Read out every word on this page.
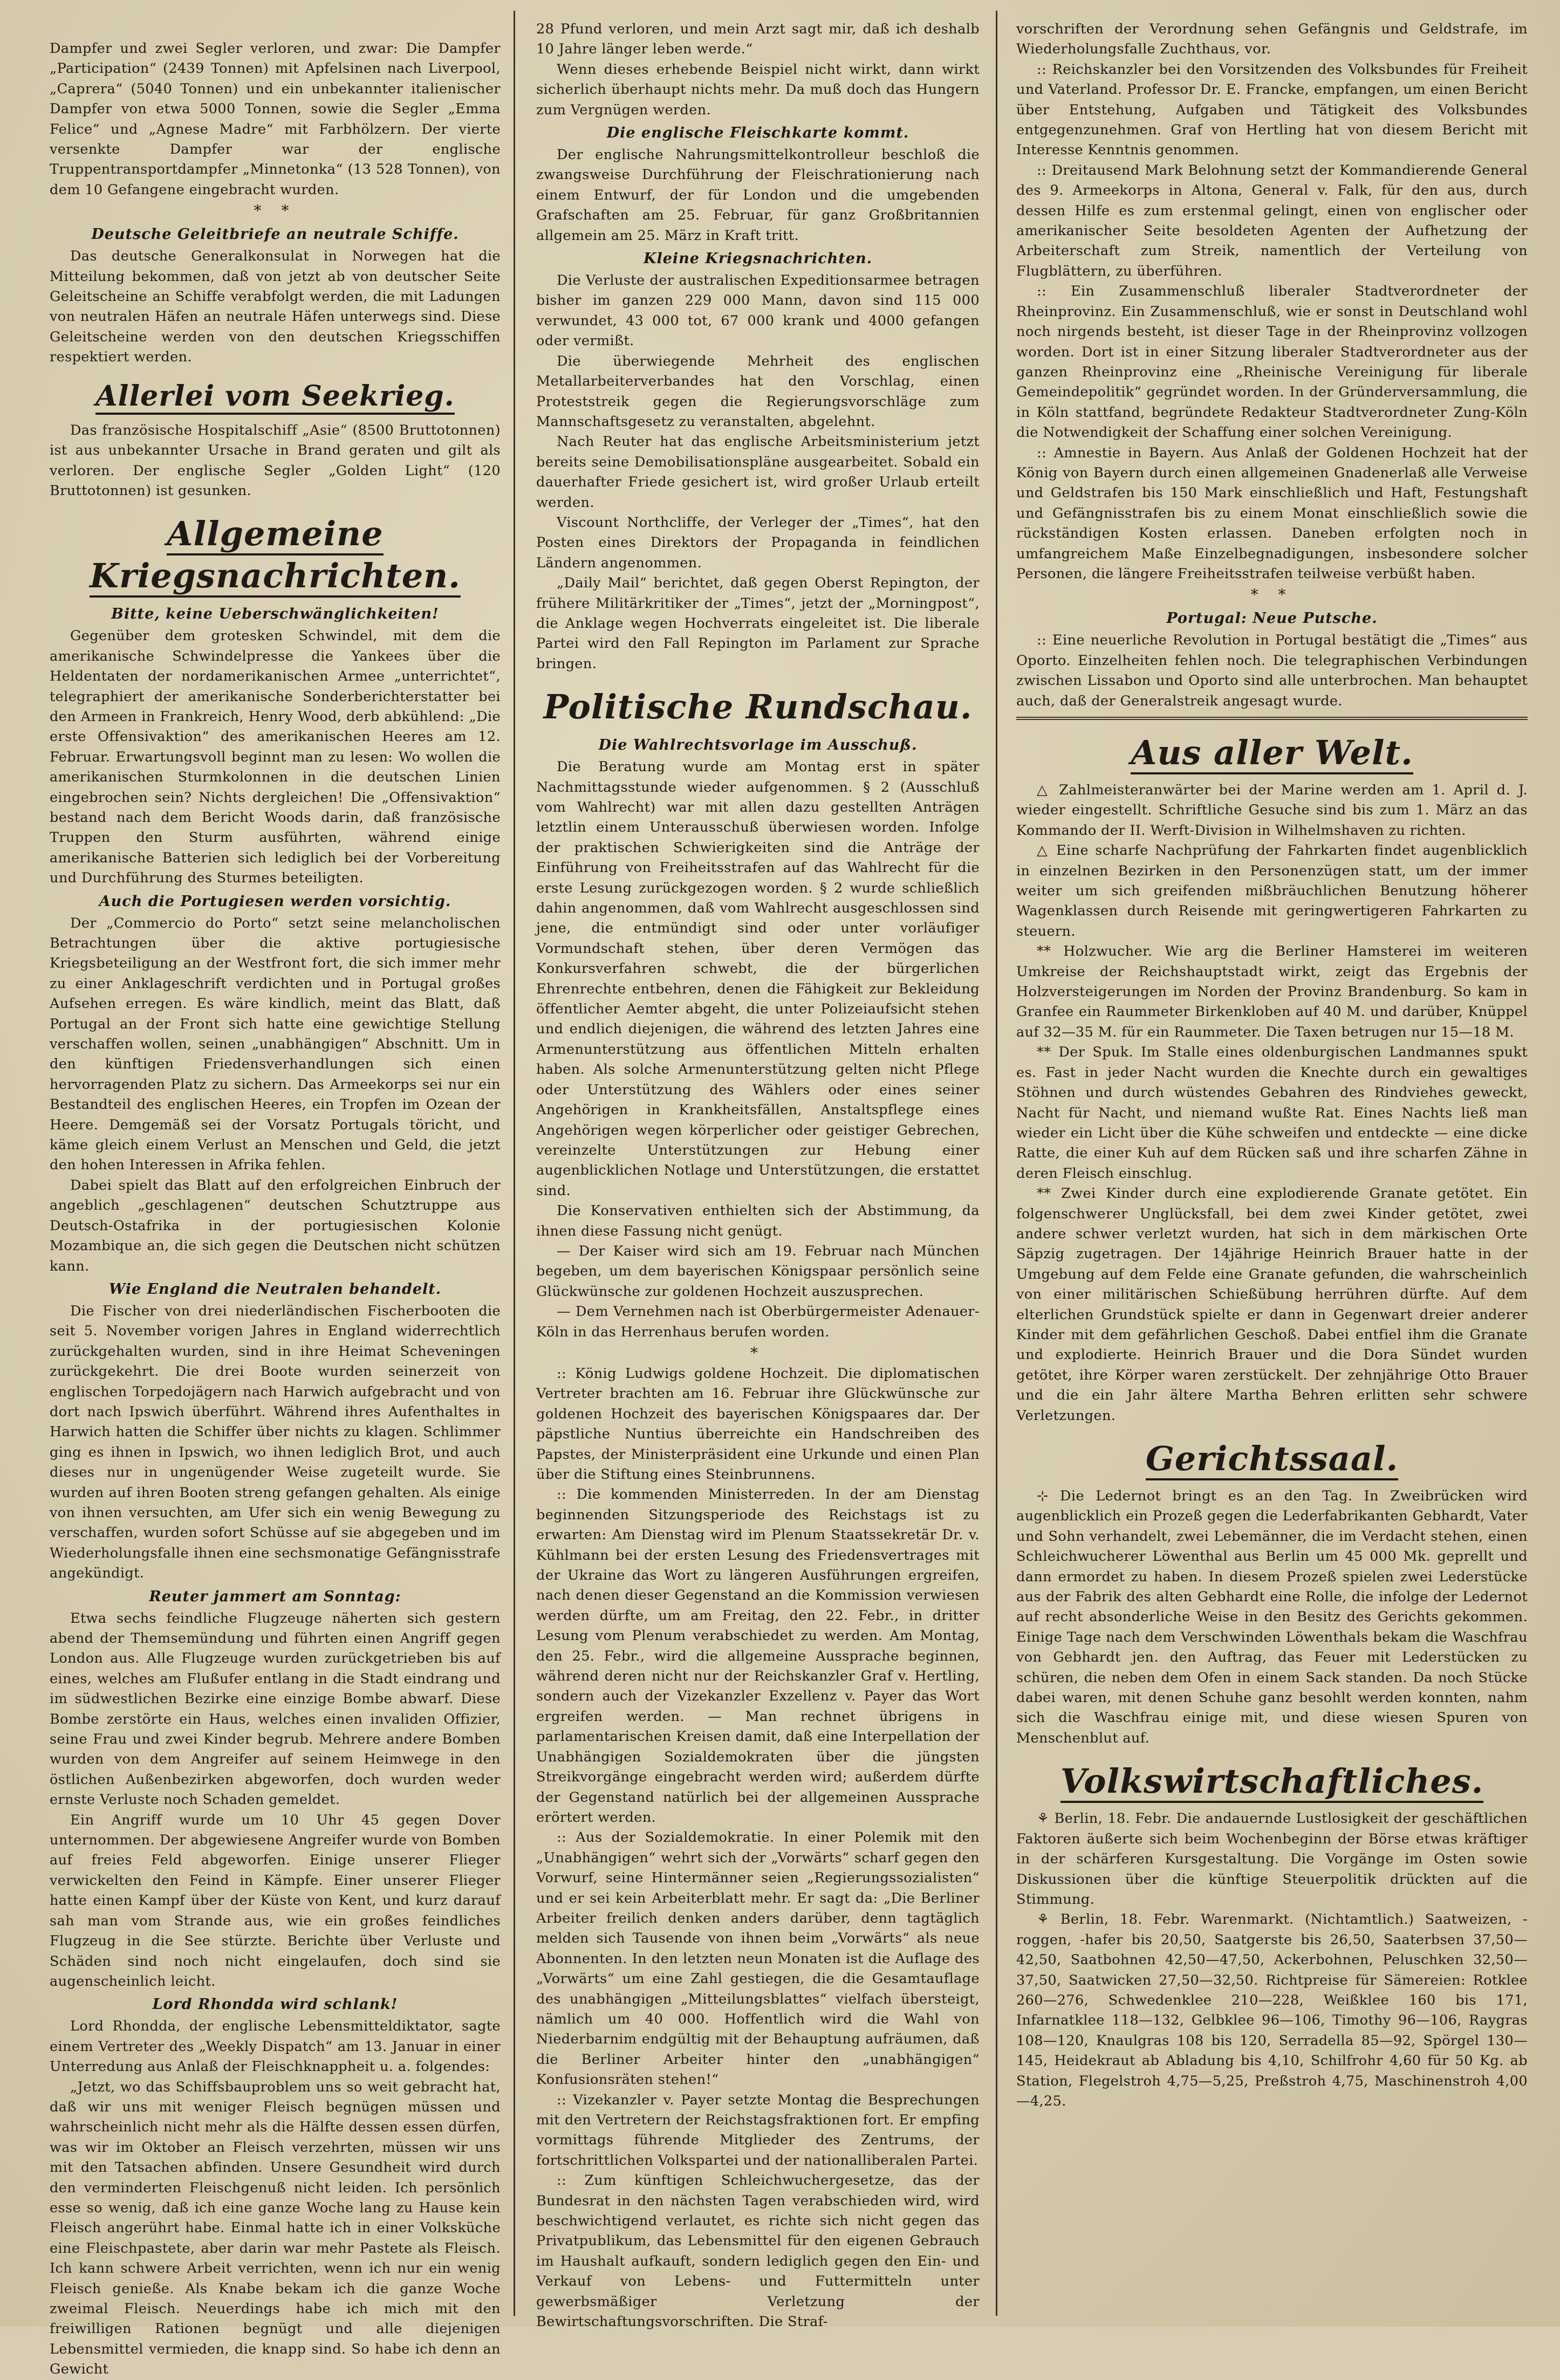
Dampfer und zwei Segler verloren, und zwar: Die Dampfer „Participation“ (2439 Tonnen) mit Apfelsinen nach Liverpool, „Caprera“ (5040 Tonnen) und ein unbekannter italienischer Dampfer von etwa 5000 Tonnen, sowie die Segler „Emma Felice“ und „Agnese Madre“ mit Farbhölzern. Der vierte versenkte Dampfer war der englische Truppentransportdampfer „Minnetonka“ (13 528 Tonnen), von dem 10 Gefangene eingebracht wurden.

* *
Deutsche Geleitbriefe an neutrale Schiffe.

Das deutsche Generalkonsulat in Norwegen hat die Mitteilung bekommen, daß von jetzt ab von deutscher Seite Geleitscheine an Schiffe verabfolgt werden, die mit Ladungen von neutralen Häfen an neutrale Häfen unterwegs sind. Diese Geleitscheine werden von den deutschen Kriegsschiffen respektiert werden.

Allerlei vom Seekrieg.

Das französische Hospitalschiff „Asie“ (8500 Bruttotonnen) ist aus unbekannter Ursache in Brand geraten und gilt als verloren. Der englische Segler „Golden Light“ (120 Bruttotonnen) ist gesunken.

Allgemeine Kriegsnachrichten.
Bitte, keine Ueberschwänglichkeiten!

Gegenüber dem grotesken Schwindel, mit dem die amerikanische Schwindelpresse die Yankees über die Heldentaten der nordamerikanischen Armee „unterrichtet“, telegraphiert der amerikanische Sonderberichterstatter bei den Armeen in Frankreich, Henry Wood, derb abkühlend: „Die erste Offensivaktion“ des amerikanischen Heeres am 12. Februar. Erwartungsvoll beginnt man zu lesen: Wo wollen die amerikanischen Sturmkolonnen in die deutschen Linien eingebrochen sein? Nichts dergleichen! Die „Offensivaktion“ bestand nach dem Bericht Woods darin, daß französische Truppen den Sturm ausführten, während einige amerikanische Batterien sich lediglich bei der Vorbereitung und Durchführung des Sturmes beteiligten.

Auch die Portugiesen werden vorsichtig.

Der „Commercio do Porto“ setzt seine melancholischen Betrachtungen über die aktive portugiesische Kriegsbeteiligung an der Westfront fort, die sich immer mehr zu einer Anklageschrift verdichten und in Portugal großes Aufsehen erregen. Es wäre kindlich, meint das Blatt, daß Portugal an der Front sich hatte eine gewichtige Stellung verschaffen wollen, seinen „unabhängigen“ Abschnitt. Um in den künftigen Friedensverhandlungen sich einen hervorragenden Platz zu sichern. Das Armeekorps sei nur ein Bestandteil des englischen Heeres, ein Tropfen im Ozean der Heere. Demgemäß sei der Vorsatz Portugals töricht, und käme gleich einem Verlust an Menschen und Geld, die jetzt den hohen Interessen in Afrika fehlen.

Dabei spielt das Blatt auf den erfolgreichen Einbruch der angeblich „geschlagenen“ deutschen Schutztruppe aus Deutsch-Ostafrika in der portugiesischen Kolonie Mozambique an, die sich gegen die Deutschen nicht schützen kann.

Wie England die Neutralen behandelt.

Die Fischer von drei niederländischen Fischerbooten die seit 5. November vorigen Jahres in England widerrechtlich zurückgehalten wurden, sind in ihre Heimat Scheveningen zurückgekehrt. Die drei Boote wurden seinerzeit von englischen Torpedojägern nach Harwich aufgebracht und von dort nach Ipswich überführt. Während ihres Aufenthaltes in Harwich hatten die Schiffer über nichts zu klagen. Schlimmer ging es ihnen in Ipswich, wo ihnen lediglich Brot, und auch dieses nur in ungenügender Weise zugeteilt wurde. Sie wurden auf ihren Booten streng gefangen gehalten. Als einige von ihnen versuchten, am Ufer sich ein wenig Bewegung zu verschaffen, wurden sofort Schüsse auf sie abgegeben und im Wiederholungsfalle ihnen eine sechsmonatige Gefängnisstrafe angekündigt.

Reuter jammert am Sonntag:

Etwa sechs feindliche Flugzeuge näherten sich gestern abend der Themsemündung und führten einen Angriff gegen London aus. Alle Flugzeuge wurden zurückgetrieben bis auf eines, welches am Flußufer entlang in die Stadt eindrang und im südwestlichen Bezirke eine einzige Bombe abwarf. Diese Bombe zerstörte ein Haus, welches einen invaliden Offizier, seine Frau und zwei Kinder begrub. Mehrere andere Bomben wurden von dem Angreifer auf seinem Heimwege in den östlichen Außenbezirken abgeworfen, doch wurden weder ernste Verluste noch Schaden gemeldet.

Ein Angriff wurde um 10 Uhr 45 gegen Dover unternommen. Der abgewiesene Angreifer wurde von Bomben auf freies Feld abgeworfen. Einige unserer Flieger verwickelten den Feind in Kämpfe. Einer unserer Flieger hatte einen Kampf über der Küste von Kent, und kurz darauf sah man vom Strande aus, wie ein großes feindliches Flugzeug in die See stürzte. Berichte über Verluste und Schäden sind noch nicht eingelaufen, doch sind sie augenscheinlich leicht.

Lord Rhondda wird schlank!

Lord Rhondda, der englische Lebensmitteldiktator, sagte einem Vertreter des „Weekly Dispatch“ am 13. Januar in einer Unterredung aus Anlaß der Fleischknappheit u. a. folgendes:

„Jetzt, wo das Schiffsbauproblem uns so weit gebracht hat, daß wir uns mit weniger Fleisch begnügen müssen und wahrscheinlich nicht mehr als die Hälfte dessen essen dürfen, was wir im Oktober an Fleisch verzehrten, müssen wir uns mit den Tatsachen abfinden. Unsere Gesundheit wird durch den verminderten Fleischgenuß nicht leiden. Ich persönlich esse so wenig, daß ich eine ganze Woche lang zu Hause kein Fleisch angerührt habe. Einmal hatte ich in einer Volksküche eine Fleischpastete, aber darin war mehr Pastete als Fleisch. Ich kann schwere Arbeit verrichten, wenn ich nur ein wenig Fleisch genieße. Als Knabe bekam ich die ganze Woche zweimal Fleisch. Neuerdings habe ich mich mit den freiwilligen Rationen begnügt und alle diejenigen Lebensmittel vermieden, die knapp sind. So habe ich denn an Gewicht

28 Pfund verloren, und mein Arzt sagt mir, daß ich deshalb 10 Jahre länger leben werde.“

Wenn dieses erhebende Beispiel nicht wirkt, dann wirkt sicherlich überhaupt nichts mehr. Da muß doch das Hungern zum Vergnügen werden.

Die englische Fleischkarte kommt.

Der englische Nahrungsmittelkontrolleur beschloß die zwangsweise Durchführung der Fleischrationierung nach einem Entwurf, der für London und die umgebenden Grafschaften am 25. Februar, für ganz Großbritannien allgemein am 25. März in Kraft tritt.

Kleine Kriegsnachrichten.

Die Verluste der australischen Expeditionsarmee betragen bisher im ganzen 229 000 Mann, davon sind 115 000 verwundet, 43 000 tot, 67 000 krank und 4000 gefangen oder vermißt.

Die überwiegende Mehrheit des englischen Metallarbeiterverbandes hat den Vorschlag, einen Proteststreik gegen die Regierungsvorschläge zum Mannschaftsgesetz zu veranstalten, abgelehnt.

Nach Reuter hat das englische Arbeitsministerium jetzt bereits seine Demobilisationspläne ausgearbeitet. Sobald ein dauerhafter Friede gesichert ist, wird großer Urlaub erteilt werden.

Viscount Northcliffe, der Verleger der „Times“, hat den Posten eines Direktors der Propaganda in feindlichen Ländern angenommen.

„Daily Mail“ berichtet, daß gegen Oberst Repington, der frühere Militärkritiker der „Times“, jetzt der „Morningpost“, die Anklage wegen Hochverrats eingeleitet ist. Die liberale Partei wird den Fall Repington im Parlament zur Sprache bringen.

Politische Rundschau.
Die Wahlrechtsvorlage im Ausschuß.

Die Beratung wurde am Montag erst in später Nachmittagsstunde wieder aufgenommen. § 2 (Ausschluß vom Wahlrecht) war mit allen dazu gestellten Anträgen letztlin einem Unterausschuß überwiesen worden. Infolge der praktischen Schwierigkeiten sind die Anträge der Einführung von Freiheitsstrafen auf das Wahlrecht für die erste Lesung zurückgezogen worden. § 2 wurde schließlich dahin angenommen, daß vom Wahlrecht ausgeschlossen sind jene, die entmündigt sind oder unter vorläufiger Vormundschaft stehen, über deren Vermögen das Konkursverfahren schwebt, die der bürgerlichen Ehrenrechte entbehren, denen die Fähigkeit zur Bekleidung öffentlicher Aemter abgeht, die unter Polizeiaufsicht stehen und endlich diejenigen, die während des letzten Jahres eine Armenunterstützung aus öffentlichen Mitteln erhalten haben. Als solche Armenunterstützung gelten nicht Pflege oder Unterstützung des Wählers oder eines seiner Angehörigen in Krankheitsfällen, Anstaltspflege eines Angehörigen wegen körperlicher oder geistiger Gebrechen, vereinzelte Unterstützungen zur Hebung einer augenblicklichen Notlage und Unterstützungen, die erstattet sind.

Die Konservativen enthielten sich der Abstimmung, da ihnen diese Fassung nicht genügt.

— Der Kaiser wird sich am 19. Februar nach München begeben, um dem bayerischen Königspaar persönlich seine Glückwünsche zur goldenen Hochzeit auszusprechen.

— Dem Vernehmen nach ist Oberbürgermeister Adenauer-Köln in das Herrenhaus berufen worden.

*

:: König Ludwigs goldene Hochzeit. Die diplomatischen Vertreter brachten am 16. Februar ihre Glückwünsche zur goldenen Hochzeit des bayerischen Königspaares dar. Der päpstliche Nuntius überreichte ein Handschreiben des Papstes, der Ministerpräsident eine Urkunde und einen Plan über die Stiftung eines Steinbrunnens.

:: Die kommenden Ministerreden. In der am Dienstag beginnenden Sitzungsperiode des Reichstags ist zu erwarten: Am Dienstag wird im Plenum Staatssekretär Dr. v. Kühlmann bei der ersten Lesung des Friedensvertrages mit der Ukraine das Wort zu längeren Ausführungen ergreifen, nach denen dieser Gegenstand an die Kommission verwiesen werden dürfte, um am Freitag, den 22. Febr., in dritter Lesung vom Plenum verabschiedet zu werden. Am Montag, den 25. Febr., wird die allgemeine Aussprache beginnen, während deren nicht nur der Reichskanzler Graf v. Hertling, sondern auch der Vizekanzler Exzellenz v. Payer das Wort ergreifen werden. — Man rechnet übrigens in parlamentarischen Kreisen damit, daß eine Interpellation der Unabhängigen Sozialdemokraten über die jüngsten Streikvorgänge eingebracht werden wird; außerdem dürfte der Gegenstand natürlich bei der allgemeinen Aussprache erörtert werden.

:: Aus der Sozialdemokratie. In einer Polemik mit den „Unabhängigen“ wehrt sich der „Vorwärts“ scharf gegen den Vorwurf, seine Hintermänner seien „Regierungssozialisten“ und er sei kein Arbeiterblatt mehr. Er sagt da: „Die Berliner Arbeiter freilich denken anders darüber, denn tagtäglich melden sich Tausende von ihnen beim „Vorwärts“ als neue Abonnenten. In den letzten neun Monaten ist die Auflage des „Vorwärts“ um eine Zahl gestiegen, die die Gesamtauflage des unabhängigen „Mitteilungsblattes“ vielfach übersteigt, nämlich um 40 000. Hoffentlich wird die Wahl von Niederbarnim endgültig mit der Behauptung aufräumen, daß die Berliner Arbeiter hinter den „unabhängigen“ Konfusionsräten stehen!“

:: Vizekanzler v. Payer setzte Montag die Besprechungen mit den Vertretern der Reichstagsfraktionen fort. Er empfing vormittags führende Mitglieder des Zentrums, der fortschrittlichen Volkspartei und der nationalliberalen Partei.

:: Zum künftigen Schleichwuchergesetze, das der Bundesrat in den nächsten Tagen verabschieden wird, wird beschwichtigend verlautet, es richte sich nicht gegen das Privatpublikum, das Lebensmittel für den eigenen Gebrauch im Haushalt aufkauft, sondern lediglich gegen den Ein- und Verkauf von Lebens- und Futtermitteln unter gewerbsmäßiger Verletzung der Bewirtschaftungsvorschriften. Die Straf-

vorschriften der Verordnung sehen Gefängnis und Geldstrafe, im Wiederholungsfalle Zuchthaus, vor.

:: Reichskanzler bei den Vorsitzenden des Volksbundes für Freiheit und Vaterland. Professor Dr. E. Francke, empfangen, um einen Bericht über Entstehung, Aufgaben und Tätigkeit des Volksbundes entgegenzunehmen. Graf von Hertling hat von diesem Bericht mit Interesse Kenntnis genommen.

:: Dreitausend Mark Belohnung setzt der Kommandierende General des 9. Armeekorps in Altona, General v. Falk, für den aus, durch dessen Hilfe es zum erstenmal gelingt, einen von englischer oder amerikanischer Seite besoldeten Agenten der Aufhetzung der Arbeiterschaft zum Streik, namentlich der Verteilung von Flugblättern, zu überführen.

:: Ein Zusammenschluß liberaler Stadtverordneter der Rheinprovinz. Ein Zusammenschluß, wie er sonst in Deutschland wohl noch nirgends besteht, ist dieser Tage in der Rheinprovinz vollzogen worden. Dort ist in einer Sitzung liberaler Stadtverordneter aus der ganzen Rheinprovinz eine „Rheinische Vereinigung für liberale Gemeindepolitik“ gegründet worden. In der Gründerversammlung, die in Köln stattfand, begründete Redakteur Stadtverordneter Zung-Köln die Notwendigkeit der Schaffung einer solchen Vereinigung.

:: Amnestie in Bayern. Aus Anlaß der Goldenen Hochzeit hat der König von Bayern durch einen allgemeinen Gnadenerlaß alle Verweise und Geldstrafen bis 150 Mark einschließlich und Haft, Festungshaft und Gefängnisstrafen bis zu einem Monat einschließlich sowie die rückständigen Kosten erlassen. Daneben erfolgten noch in umfangreichem Maße Einzelbegnadigungen, insbesondere solcher Personen, die längere Freiheitsstrafen teilweise verbüßt haben.

* *
Portugal: Neue Putsche.

:: Eine neuerliche Revolution in Portugal bestätigt die „Times“ aus Oporto. Einzelheiten fehlen noch. Die telegraphischen Verbindungen zwischen Lissabon und Oporto sind alle unterbrochen. Man behauptet auch, daß der Generalstreik angesagt wurde.

Aus aller Welt.

△ Zahlmeisteranwärter bei der Marine werden am 1. April d. J. wieder eingestellt. Schriftliche Gesuche sind bis zum 1. März an das Kommando der II. Werft-Division in Wilhelmshaven zu richten.

△ Eine scharfe Nachprüfung der Fahrkarten findet augenblicklich in einzelnen Bezirken in den Personenzügen statt, um der immer weiter um sich greifenden mißbräuchlichen Benutzung höherer Wagenklassen durch Reisende mit geringwertigeren Fahrkarten zu steuern.

** Holzwucher. Wie arg die Berliner Hamsterei im weiteren Umkreise der Reichshauptstadt wirkt, zeigt das Ergebnis der Holzversteigerungen im Norden der Provinz Brandenburg. So kam in Granfee ein Raummeter Birkenkloben auf 40 M. und darüber, Knüppel auf 32—35 M. für ein Raummeter. Die Taxen betrugen nur 15—18 M.

** Der Spuk. Im Stalle eines oldenburgischen Landmannes spukt es. Fast in jeder Nacht wurden die Knechte durch ein gewaltiges Stöhnen und durch wüstendes Gebahren des Rindviehes geweckt, Nacht für Nacht, und niemand wußte Rat. Eines Nachts ließ man wieder ein Licht über die Kühe schweifen und entdeckte — eine dicke Ratte, die einer Kuh auf dem Rücken saß und ihre scharfen Zähne in deren Fleisch einschlug.

** Zwei Kinder durch eine explodierende Granate getötet. Ein folgenschwerer Unglücksfall, bei dem zwei Kinder getötet, zwei andere schwer verletzt wurden, hat sich in dem märkischen Orte Säpzig zugetragen. Der 14jährige Heinrich Brauer hatte in der Umgebung auf dem Felde eine Granate gefunden, die wahrscheinlich von einer militärischen Schießübung herrühren dürfte. Auf dem elterlichen Grundstück spielte er dann in Gegenwart dreier anderer Kinder mit dem gefährlichen Geschoß. Dabei entfiel ihm die Granate und explodierte. Heinrich Brauer und die Dora Sündet wurden getötet, ihre Körper waren zerstückelt. Der zehnjährige Otto Brauer und die ein Jahr ältere Martha Behren erlitten sehr schwere Verletzungen.

Gerichtssaal.

⊹ Die Ledernot bringt es an den Tag. In Zweibrücken wird augenblicklich ein Prozeß gegen die Lederfabrikanten Gebhardt, Vater und Sohn verhandelt, zwei Lebemänner, die im Verdacht stehen, einen Schleichwucherer Löwenthal aus Berlin um 45 000 Mk. geprellt und dann ermordet zu haben. In diesem Prozeß spielen zwei Lederstücke aus der Fabrik des alten Gebhardt eine Rolle, die infolge der Ledernot auf recht absonderliche Weise in den Besitz des Gerichts gekommen. Einige Tage nach dem Verschwinden Löwenthals bekam die Waschfrau von Gebhardt jen. den Auftrag, das Feuer mit Lederstücken zu schüren, die neben dem Ofen in einem Sack standen. Da noch Stücke dabei waren, mit denen Schuhe ganz besohlt werden konnten, nahm sich die Waschfrau einige mit, und diese wiesen Spuren von Menschenblut auf.

Volkswirtschaftliches.

⚘ Berlin, 18. Febr. Die andauernde Lustlosigkeit der geschäftlichen Faktoren äußerte sich beim Wochenbeginn der Börse etwas kräftiger in der schärferen Kursgestaltung. Die Vorgänge im Osten sowie Diskussionen über die künftige Steuerpolitik drückten auf die Stimmung.

⚘ Berlin, 18. Febr. Warenmarkt. (Nichtamtlich.) Saatweizen, -roggen, -hafer bis 20,50, Saatgerste bis 26,50, Saaterbsen 37,50—42,50, Saatbohnen 42,50—47,50, Ackerbohnen, Peluschken 32,50—37,50, Saatwicken 27,50—32,50. Richtpreise für Sämereien: Rotklee 260—276, Schwedenklee 210—228, Weißklee 160 bis 171, Infarnatklee 118—132, Gelbklee 96—106, Timothy 96—106, Raygras 108—120, Knaulgras 108 bis 120, Serradella 85—92, Spörgel 130—145, Heidekraut ab Abladung bis 4,10, Schilfrohr 4,60 für 50 Kg. ab Station, Flegelstroh 4,75—5,25, Preßstroh 4,75, Maschinenstroh 4,00—4,25.
